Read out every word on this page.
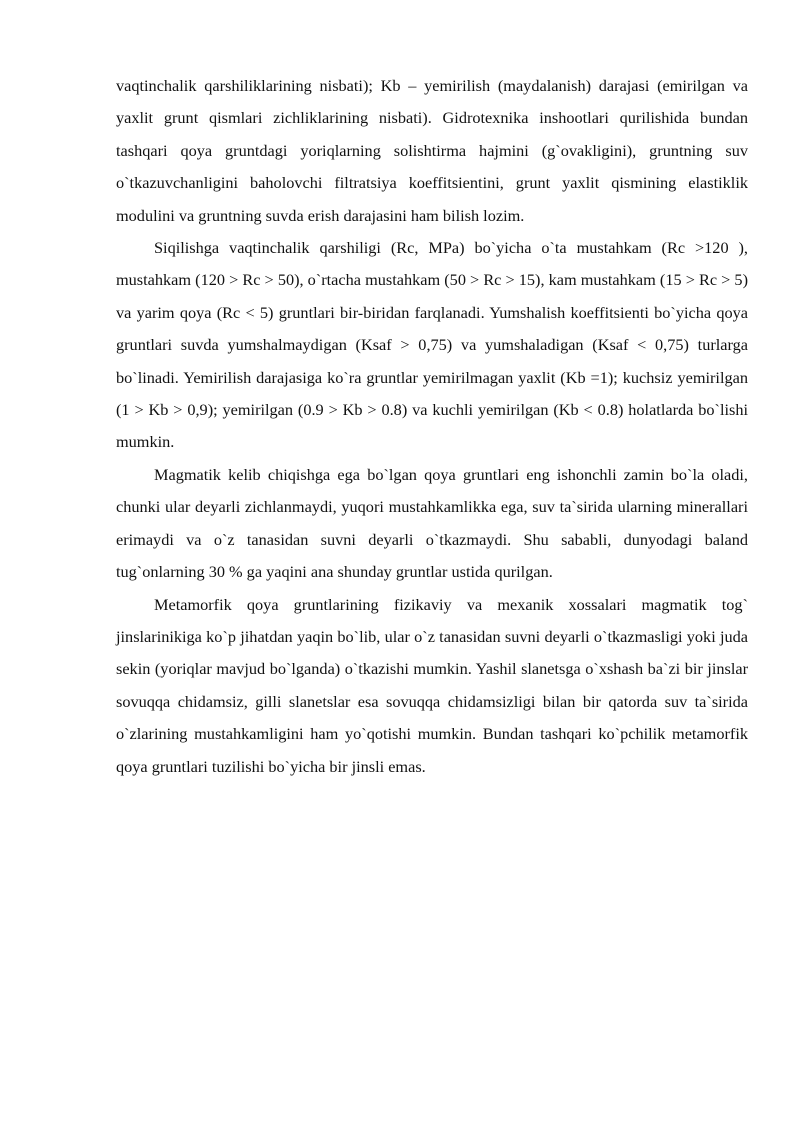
vaqtinchalik qarshiliklarining nisbati); Kb – yemirilish (maydalanish) darajasi (emirilgan va yaxlit grunt qismlari zichliklarining nisbati). Gidrotexnika inshootlari qurilishida bundan tashqari qoya gruntdagi yoriqlarning solishtirma hajmini (g`ovakligini), gruntning suv o`tkazuvchanligini baholovchi filtratsiya koeffitsientini, grunt yaxlit qismining elastiklik modulini va gruntning suvda erish darajasini ham bilish lozim.

Siqilishga vaqtinchalik qarshiligi (Rc, MPa) bo`yicha o`ta mustahkam (Rc >120 ), mustahkam (120 > Rc > 50), o`rtacha mustahkam (50 > Rc > 15), kam mustahkam (15 > Rc > 5) va yarim qoya (Rc < 5) gruntlari bir-biridan farqlanadi. Yumshalish koeffitsienti bo`yicha qoya gruntlari suvda yumshalmaydigan (Ksaf > 0,75) va yumshaladigan (Ksaf < 0,75) turlarga bo`linadi. Yemirilish darajasiga ko`ra gruntlar yemirilmagan yaxlit (Kb =1); kuchsiz yemirilgan (1 > Kb > 0,9); yemirilgan (0.9 > Kb > 0.8) va kuchli yemirilgan (Kb < 0.8) holatlarda bo`lishi mumkin.

Magmatik kelib chiqishga ega bo`lgan qoya gruntlari eng ishonchli zamin bo`la oladi, chunki ular deyarli zichlanmaydi, yuqori mustahkamlikka ega, suv ta`sirida ularning minerallari erimaydi va o`z tanasidan suvni deyarli o`tkazmaydi. Shu sababli, dunyodagi baland tug`onlarning 30 % ga yaqini ana shunday gruntlar ustida qurilgan.

Metamorfik qoya gruntlarining fizikaviy va mexanik xossalari magmatik tog` jinslarinikiga ko`p jihatdan yaqin bo`lib, ular o`z tanasidan suvni deyarli o`tkazmasligi yoki juda sekin (yoriqlar mavjud bo`lganda) o`tkazishi mumkin. Yashil slanetsga o`xshash ba`zi bir jinslar sovuqqa chidamsiz, gilli slanetslar esa sovuqqa chidamsizligi bilan bir qatorda suv ta`sirida o`zlarining mustahkamligini ham yo`qotishi mumkin. Bundan tashqari ko`pchilik metamorfik qoya gruntlari tuzilishi bo`yicha bir jinsli emas.
